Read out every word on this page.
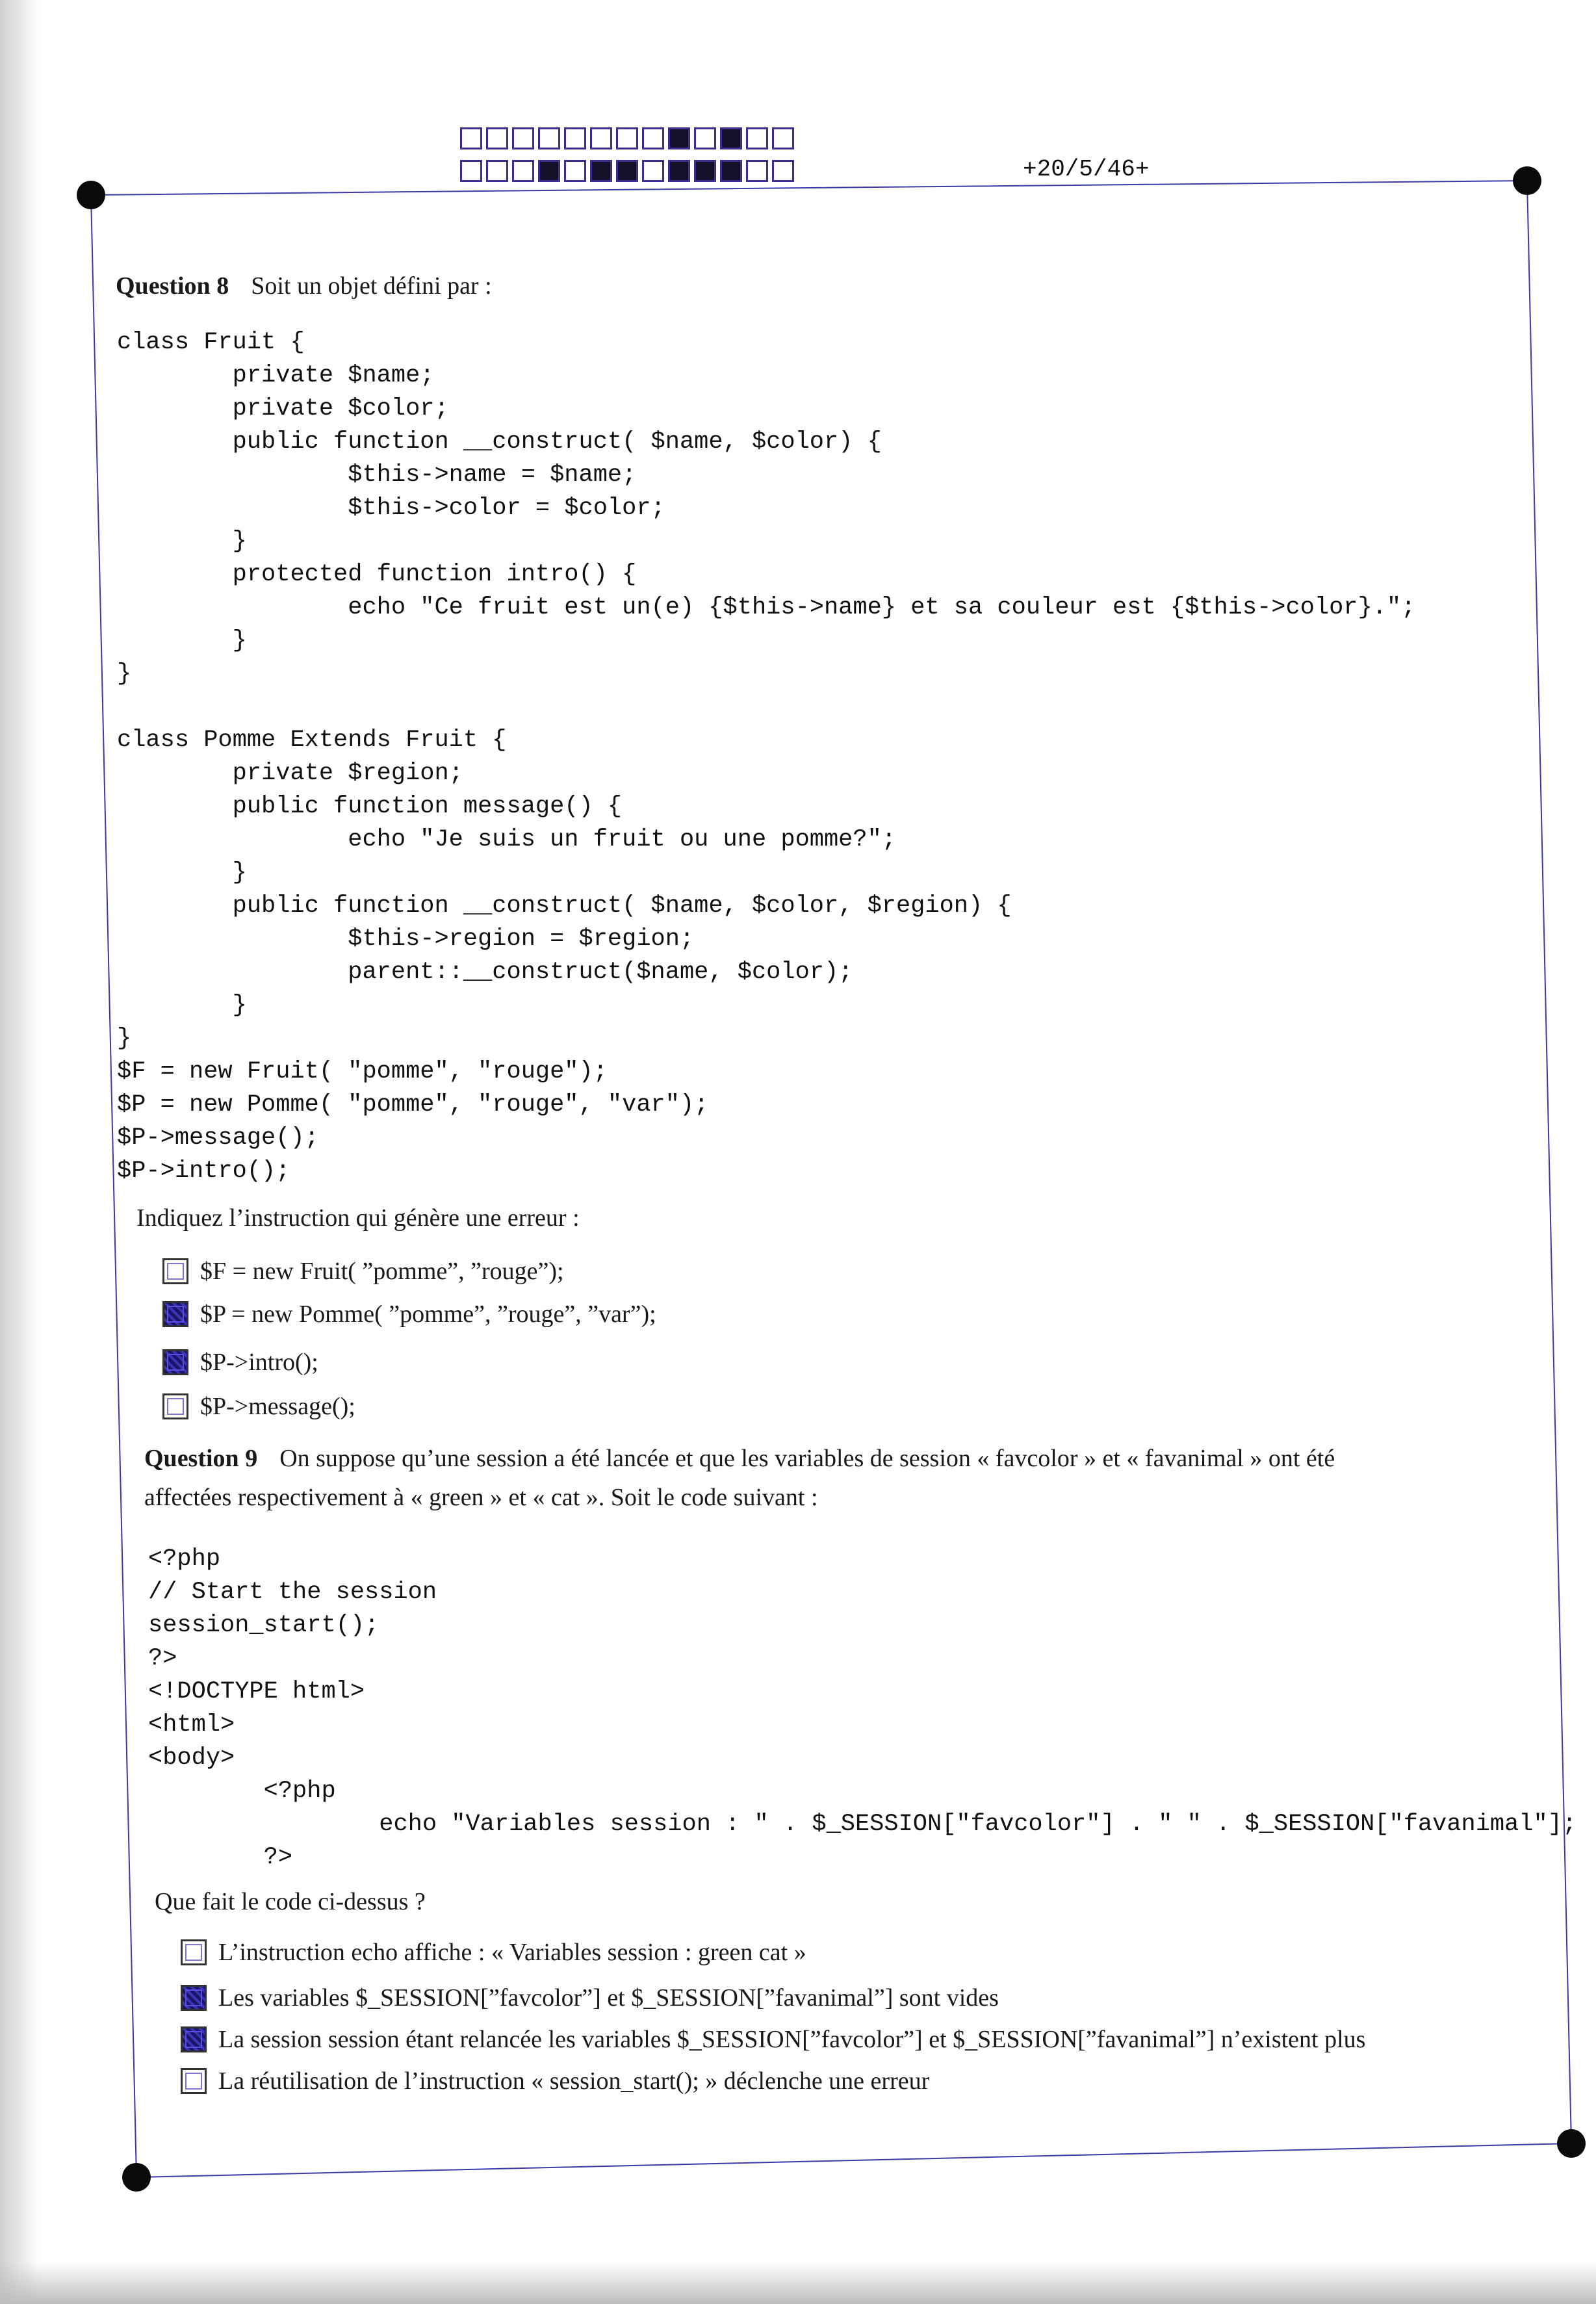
+20/5/46+
Question 8 Soit un objet défini par :
class Fruit {
private $name;
private $color;
public function __construct( $name, $color) {
$this->name = $name;
$this->color = $color;
}
protected function intro() {
echo "Ce fruit est un(e) {$this->name} et sa couleur est {$this->color}.";
}
}

class Pomme Extends Fruit {
private $region;
public function message() {
echo "Je suis un fruit ou une pomme?";
}
public function __construct( $name, $color, $region) {
$this->region = $region;
parent::__construct($name, $color);
}
}
$F = new Fruit( "pomme", "rouge");
$P = new Pomme( "pomme", "rouge", "var");
$P->message();
$P->intro();
Indiquez l’instruction qui génère une erreur :
$F = new Fruit( ”pomme”, ”rouge”);
$P = new Pomme( ”pomme”, ”rouge”, ”var”);
$P->intro();
$P->message();
Question 9 On suppose qu’une session a été lancée et que les variables de session « favcolor » et « favanimal » ont été
affectées respectivement à « green » et « cat ». Soit le code suivant :
<?php
// Start the session
session_start();
?>
<!DOCTYPE html>
<html>
<body>
<?php
echo "Variables session : " . $_SESSION["favcolor"] . " " . $_SESSION["favanimal"];
?>
Que fait le code ci-dessus ?
L’instruction echo affiche : « Variables session : green cat »
Les variables $_SESSION[”favcolor”] et $_SESSION[”favanimal”] sont vides
La session session étant relancée les variables $_SESSION[”favcolor”] et $_SESSION[”favanimal”] n’existent plus
La réutilisation de l’instruction « session_start(); » déclenche une erreur
